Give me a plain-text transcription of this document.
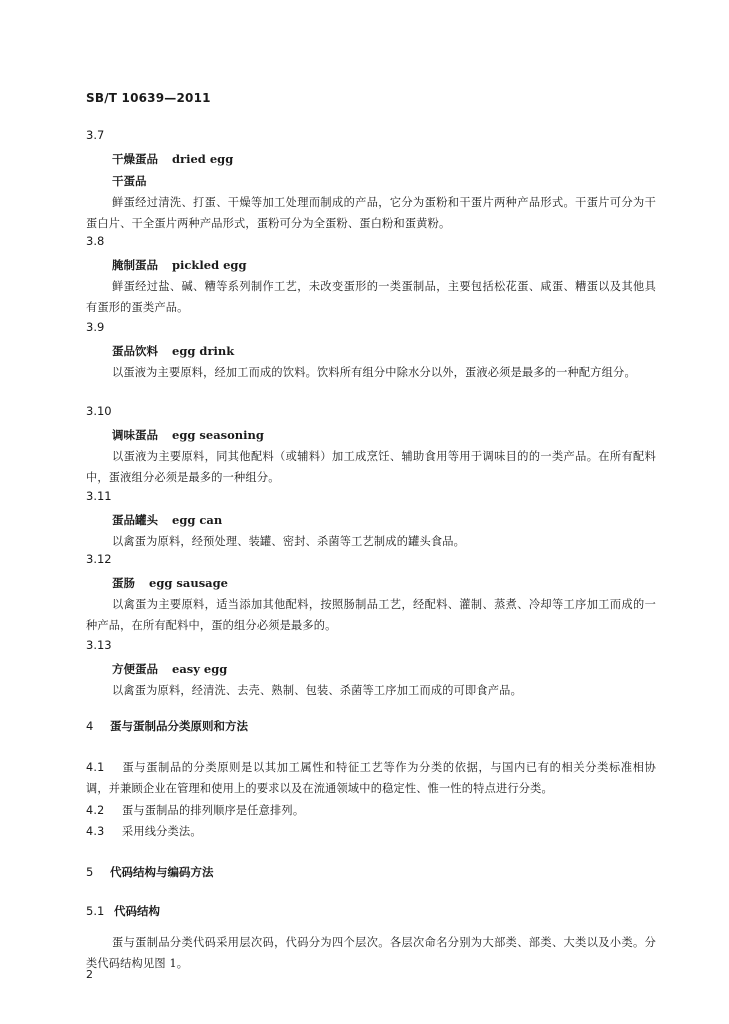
SB/T 10639—2011

3.7

干燥蛋品 dried egg

干蛋品

鲜蛋经过清洗、打蛋、干燥等加工处理而制成的产品，它分为蛋粉和干蛋片两种产品形式。干蛋片可分为干蛋白片、干全蛋片两种产品形式，蛋粉可分为全蛋粉、蛋白粉和蛋黄粉。

3.8

腌制蛋品 pickled egg

鲜蛋经过盐、碱、糟等系列制作工艺，未改变蛋形的一类蛋制品，主要包括松花蛋、咸蛋、糟蛋以及其他具有蛋形的蛋类产品。

3.9

蛋品饮料 egg drink

以蛋液为主要原料，经加工而成的饮料。饮料所有组分中除水分以外，蛋液必须是最多的一种配方组分。

3.10

调味蛋品 egg seasoning

以蛋液为主要原料，同其他配料（或辅料）加工成烹饪、辅助食用等用于调味目的的一类产品。在所有配料中，蛋液组分必须是最多的一种组分。

3.11

蛋品罐头 egg can

以禽蛋为原料，经预处理、装罐、密封、杀菌等工艺制成的罐头食品。

3.12

蛋肠 egg sausage

以禽蛋为主要原料，适当添加其他配料，按照肠制品工艺，经配料、灌制、蒸煮、冷却等工序加工而成的一种产品，在所有配料中，蛋的组分必须是最多的。

3.13

方便蛋品 easy egg

以禽蛋为原料，经清洗、去壳、熟制、包装、杀菌等工序加工而成的可即食产品。

4 蛋与蛋制品分类原则和方法
4.1 蛋与蛋制品的分类原则是以其加工属性和特征工艺等作为分类的依据，与国内已有的相关分类标准相协调，并兼顾企业在管理和使用上的要求以及在流通领域中的稳定性、惟一性的特点进行分类。
4.2 蛋与蛋制品的排列顺序是任意排列。
4.3 采用线分类法。
5 代码结构与编码方法
5.1 代码结构

蛋与蛋制品分类代码采用层次码，代码分为四个层次。各层次命名分别为大部类、部类、大类以及小类。分类代码结构见图 1。

2
